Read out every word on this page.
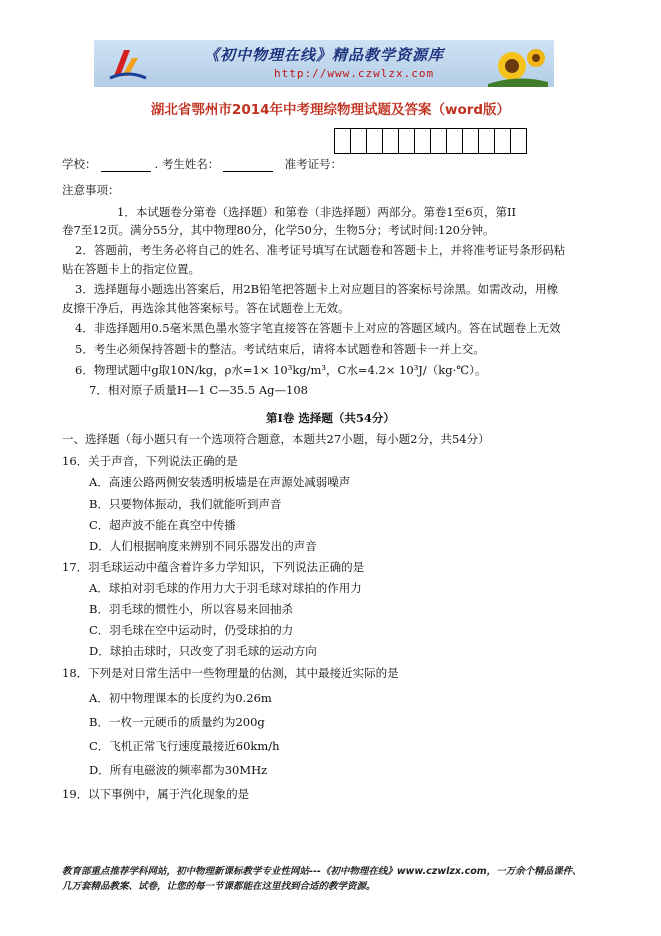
《初中物理在线》精品教学资源库
http://www.czwlzx.com
湖北省鄂州市2014年中考理综物理试题及答案（word版）
学校：	. 考生姓名：	准考证号：
注意事项：
1．本试题卷分第卷（选择题）和第卷（非选择题）两部分。第卷1至6页，第II
卷7至12页。满分55分，其中物理80分，化学50分，生物5分；考试时间:120分钟。
2．答题前，考生务必将自己的姓名、准考证号填写在试题卷和答题卡上，并将准考证号条形码粘
贴在答题卡上的指定位置。
3．选择题每小题选出答案后，用2B铅笔把答题卡上对应题目的答案标号涂黑。如需改动，用橡
皮擦干净后，再选涂其他答案标号。答在试题卷上无效。
4．非选择题用0.5毫米黑色墨水签字笔直接答在答题卡上对应的答题区域内。答在试题卷上无效
5．考生必须保持答题卡的整洁。考试结束后，请将本试题卷和答题卡一并上交。
6．物理试题中g取10N/kg，ρ水=1× 10³kg/m³，C水=4.2× 10³J/（kg·℃）。
7．相对原子质量H—1 C—35.5 Ag—108
第Ⅰ卷 选择题（共54分）
一、选择题（每小题只有一个选项符合题意，本题共27小题，每小题2分，共54分）
16．关于声音，下列说法正确的是
A．高速公路两侧安装透明板墙是在声源处减弱噪声
B．只要物体振动，我们就能听到声音
C．超声波不能在真空中传播
D．人们根据响度来辨别不同乐器发出的声音
17．羽毛球运动中蕴含着许多力学知识，下列说法正确的是
A．球拍对羽毛球的作用力大于羽毛球对球拍的作用力
B．羽毛球的惯性小，所以容易来回抽杀
C．羽毛球在空中运动时，仍受球拍的力
D．球拍击球时，只改变了羽毛球的运动方向
18．下列是对日常生活中一些物理量的估测，其中最接近实际的是
A．初中物理课本的长度约为0.26m
B．一枚一元硬币的质量约为200g
C．飞机正常飞行速度最接近60km/h
D．所有电磁波的频率都为30MHz
19．以下事例中，属于汽化现象的是
教育部重点推荐学科网站，初中物理新课标教学专业性网站---《初中物理在线》www.czwlzx.com，一万余个精品课件、
几万套精品教案、试卷，让您的每一节课都能在这里找到合适的教学资源。
